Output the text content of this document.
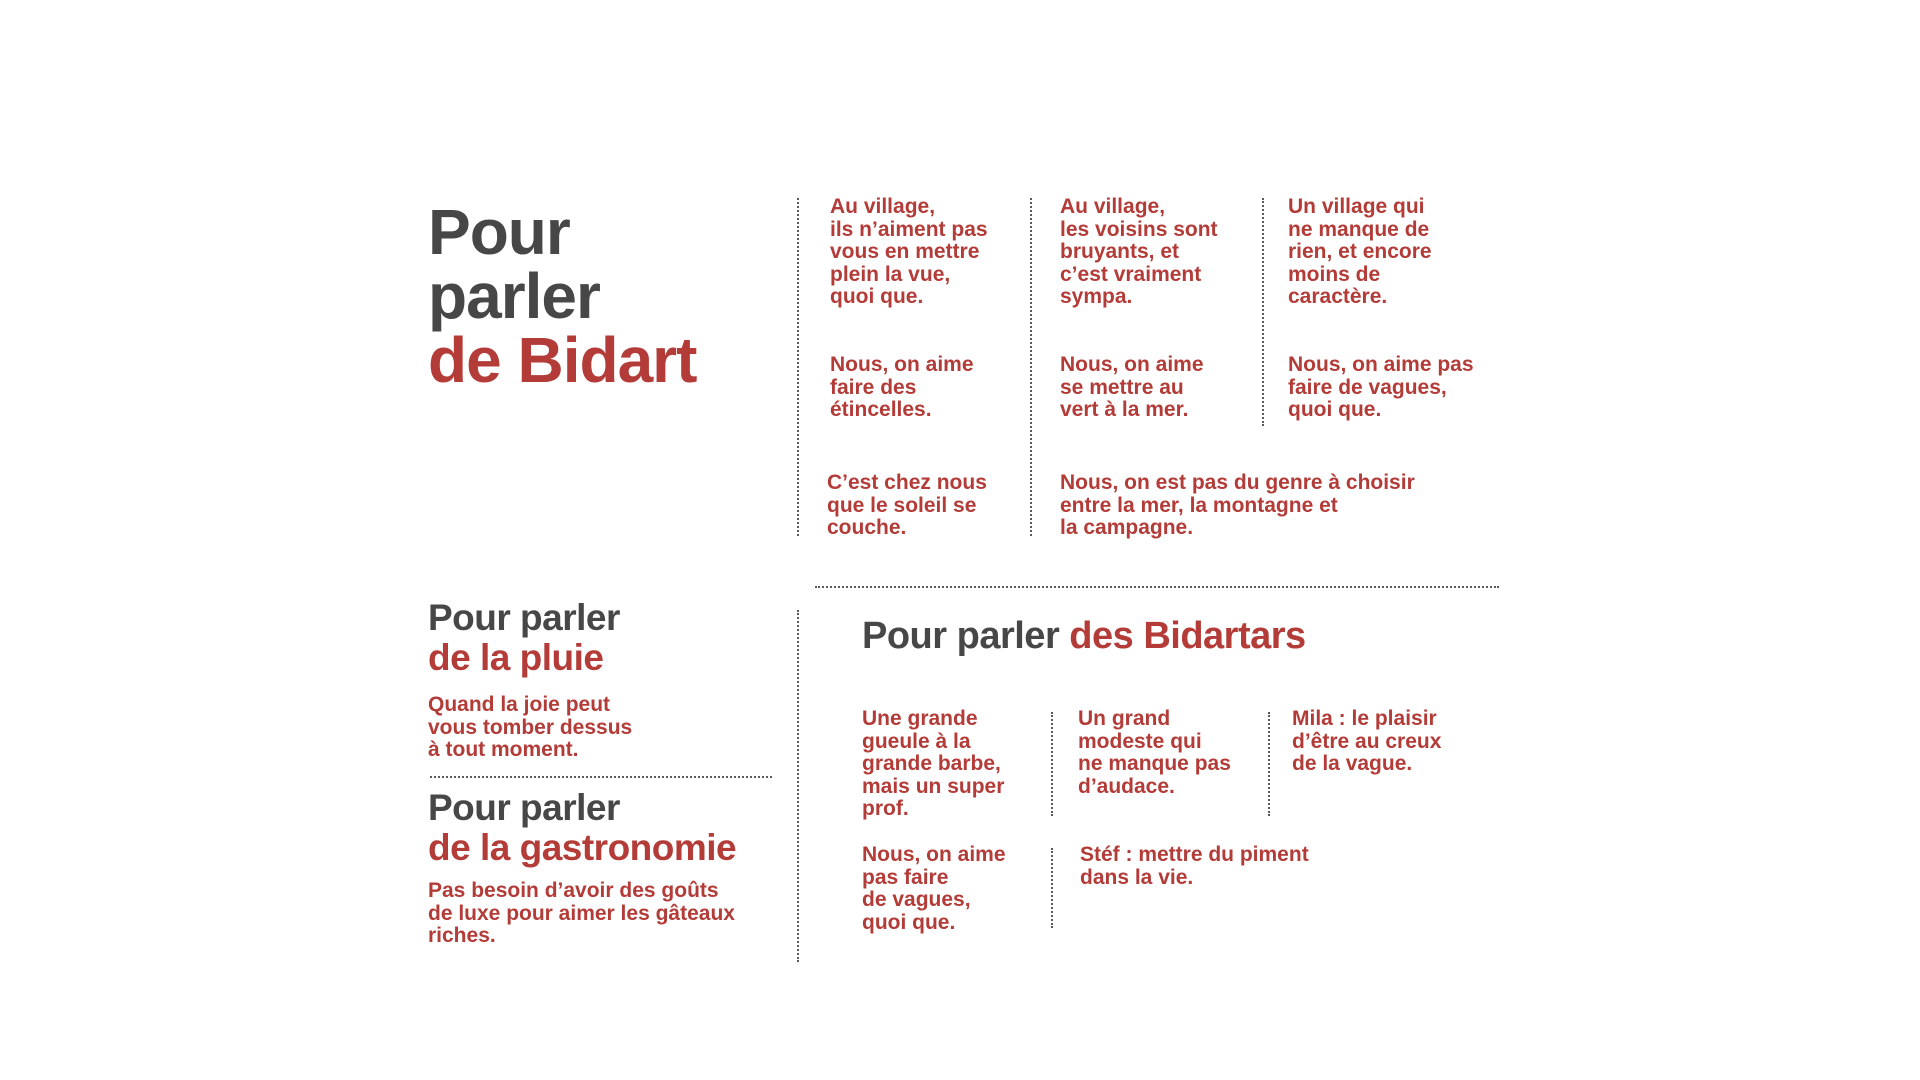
Pour
parler
de Bidart
Au village,
ils n’aiment pas
vous en mettre
plein la vue,
quoi que.
Au village,
les voisins sont
bruyants, et
c’est vraiment
sympa.
Un village qui
ne manque de
rien, et encore
moins de
caractère.
Nous, on aime
faire des
étincelles.
Nous, on aime
se mettre au
vert à la mer.
Nous, on aime pas
faire de vagues,
quoi que.
C’est chez nous
que le soleil se
couche.
Nous, on est pas du genre à choisir
entre la mer, la montagne et
la campagne.
Pour parler
de la pluie
Quand la joie peut
vous tomber dessus
à tout moment.
Pour parler
de la gastronomie
Pas besoin d’avoir des goûts
de luxe pour aimer les gâteaux
riches.
Pour parler des Bidartars
Une grande
gueule à la
grande barbe,
mais un super
prof.
Un grand
modeste qui
ne manque pas
d’audace.
Mila : le plaisir
d’être au creux
de la vague.
Nous, on aime
pas faire
de vagues,
quoi que.
Stéf : mettre du piment
dans la vie.
